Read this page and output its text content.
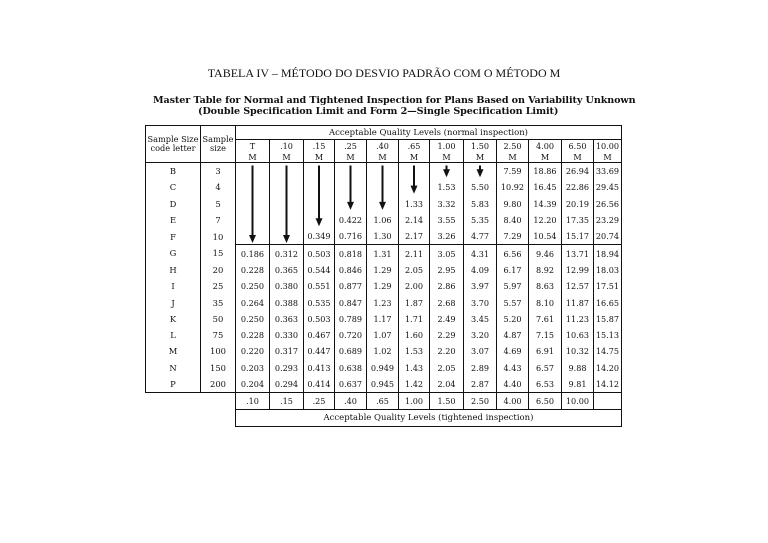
TABELA IV – MÉTODO DO DESVIO PADRÃO COM O MÉTODO M
Master Table for Normal and Tightened Inspection for Plans Based on Variability Unknown
(Double Specification Limit and Form 2—Single Specification Limit)
Sample Size code letter	Sample size	Acceptable Quality Levels (normal inspection)											
		T	.10	.15	.25	.40	.65	1.00	1.50	2.50	4.00	6.50	10.00
		M	M	M	M	M	M	M	M	M	M	M	M
B	3									7.59	18.86	26.94	33.69
C	4							1.53	5.50	10.92	16.45	22.86	29.45
D	5						1.33	3.32	5.83	9.80	14.39	20.19	26.56
E	7				0.422	1.06	2.14	3.55	5.35	8.40	12.20	17.35	23.29
F	10			0.349	0.716	1.30	2.17	3.26	4.77	7.29	10.54	15.17	20.74
G	15	0.186	0.312	0.503	0.818	1.31	2.11	3.05	4.31	6.56	9.46	13.71	18.94
H	20	0.228	0.365	0.544	0.846	1.29	2.05	2.95	4.09	6.17	8.92	12.99	18.03
I	25	0.250	0.380	0.551	0.877	1.29	2.00	2.86	3.97	5.97	8.63	12.57	17.51
J	35	0.264	0.388	0.535	0.847	1.23	1.87	2.68	3.70	5.57	8.10	11.87	16.65
K	50	0.250	0.363	0.503	0.789	1.17	1.71	2.49	3.45	5.20	7.61	11.23	15.87
L	75	0.228	0.330	0.467	0.720	1.07	1.60	2.29	3.20	4.87	7.15	10.63	15.13
M	100	0.220	0.317	0.447	0.689	1.02	1.53	2.20	3.07	4.69	6.91	10.32	14.75
N	150	0.203	0.293	0.413	0.638	0.949	1.43	2.05	2.89	4.43	6.57	9.88	14.20
P	200	0.204	0.294	0.414	0.637	0.945	1.42	2.04	2.87	4.40	6.53	9.81	14.12
		.10	.15	.25	.40	.65	1.00	1.50	2.50	4.00	6.50	10.00	
		Acceptable Quality Levels (tightened inspection)											
